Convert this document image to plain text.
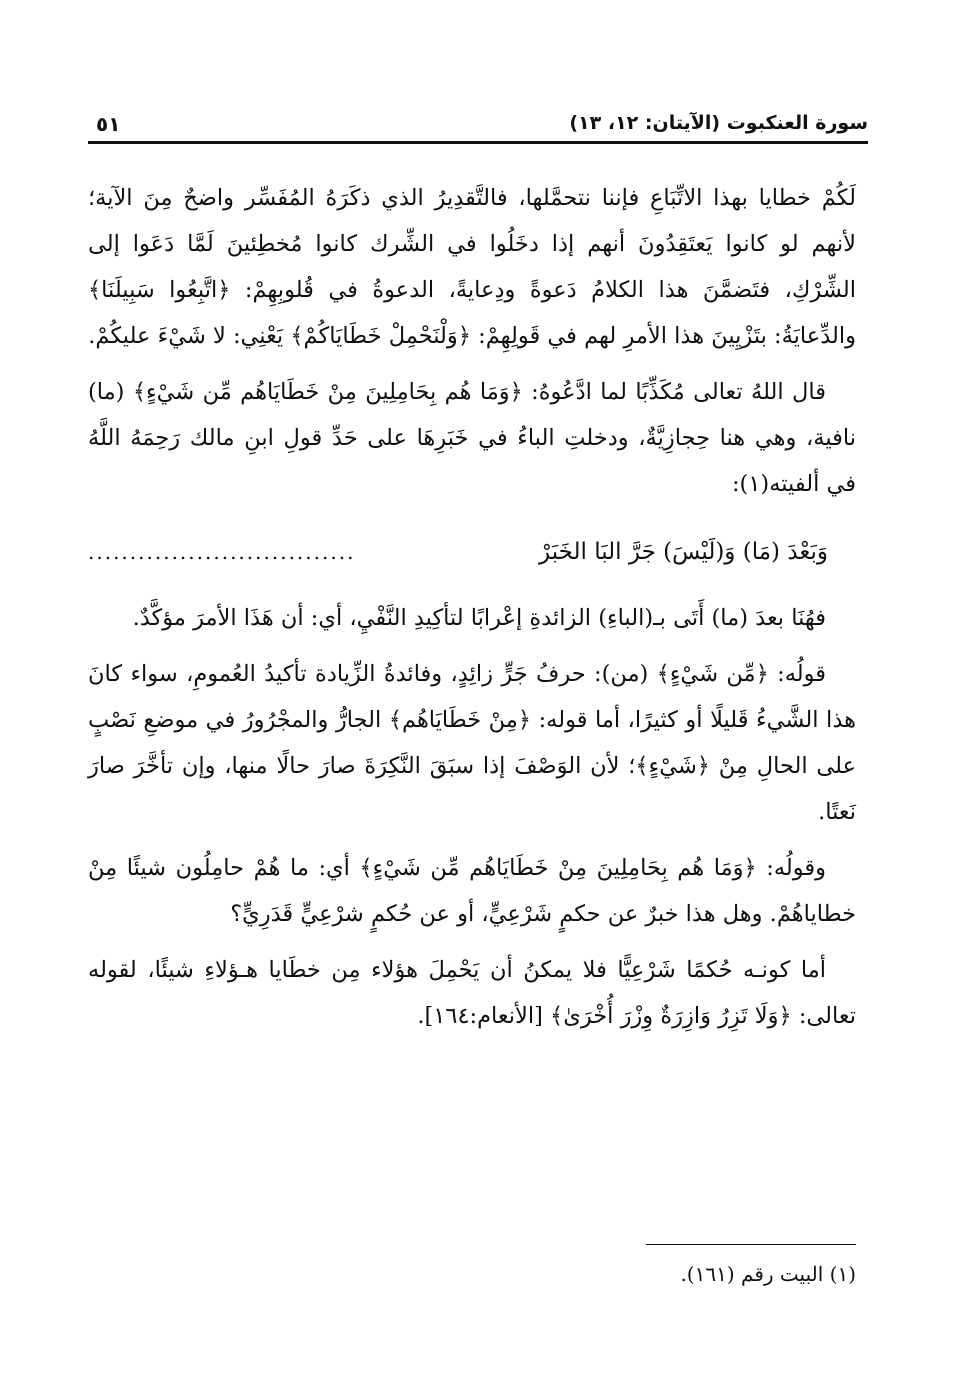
سورة العنكبوت (الآيتان: ١٢، ١٣)
٥١

لَكُمْ خطايا بهذا الاتِّبَاعِ فإننا نتحمَّلها، فالتَّقدِيرُ الذي ذكَرَهُ المُفَسِّر واضحٌ مِنَ الآية؛ لأنهم لو كانوا يَعتَقِدُونَ أنهم إذا دخَلُوا في الشِّرك كانوا مُخطِئينَ لَمَّا دَعَوا إلى الشِّرْكِ، فتَضمَّنَ هذا الكلامُ دَعوةً ودِعايةً، الدعوةُ في قُلوبِهِمْ: ﴿اتَّبِعُوا سَبِيلَنَا﴾ والدِّعايَةُ: بتَزْيِينَ هذا الأمرِ لهم في قَولِهِمْ: ﴿وَلْنَحْمِلْ خَطَايَاكُمْ﴾ يَعْنِي: لا شَيْءَ عليكُمْ.

قال اللهُ تعالى مُكَذِّبًا لما ادَّعُوهُ: ﴿وَمَا هُم بِحَامِلِينَ مِنْ خَطَايَاهُم مِّن شَيْءٍ﴾ (ما) نافية، وهي هنا حِجازِيَّةٌ، ودخلتِ الباءُ في خَبَرِهَا على حَدِّ قولِ ابنِ مالك رَحِمَهُ اللَّهُ في ألفيته(١):

وَبَعْدَ (مَا) وَ(لَيْسَ) جَرَّ البَا الخَبَرْ
................................

فهُنَا بعدَ (ما) أَتَى بـ(الباءِ) الزائدةِ إعْرابًا لتأكِيدِ النَّفْيِ، أي: أن هَذَا الأمرَ مؤكَّدٌ.

قولُه: ﴿مِّن شَيْءٍ﴾ (من): حرفُ جَرٍّ زائِدٍ، وفائدةُ الزِّيادة تأكيدُ العُمومِ، سواء كانَ هذا الشَّيءُ قَليلًا أو كثيرًا، أما قوله: ﴿مِنْ خَطَايَاهُم﴾ الجارُّ والمجْرُورُ في موضعِ نَصْبٍ على الحالِ مِنْ ﴿شَيْءٍ﴾؛ لأن الوَصْفَ إذا سبَقَ النَّكِرَةَ صارَ حالًا منها، وإن تأخَّرَ صارَ نَعتًا.

وقولُه: ﴿وَمَا هُم بِحَامِلِينَ مِنْ خَطَايَاهُم مِّن شَيْءٍ﴾ أي: ما هُمْ حامِلُون شيئًا مِنْ خطاياهُمْ. وهل هذا خبرٌ عن حكمٍ شَرْعِيٍّ، أو عن حُكمٍ شرْعِيٍّ قَدَرِيٍّ؟

أما كونـه حُكمًا شَرْعِيًّا فلا يمكنُ أن يَحْمِلَ هؤلاء مِن خطَايا هـؤلاءِ شيئًا، لقوله تعالى: ﴿وَلَا تَزِرُ وَازِرَةٌ وِزْرَ أُخْرَىٰ﴾ [الأنعام:١٦٤].

(١) البيت رقم (١٦١).
